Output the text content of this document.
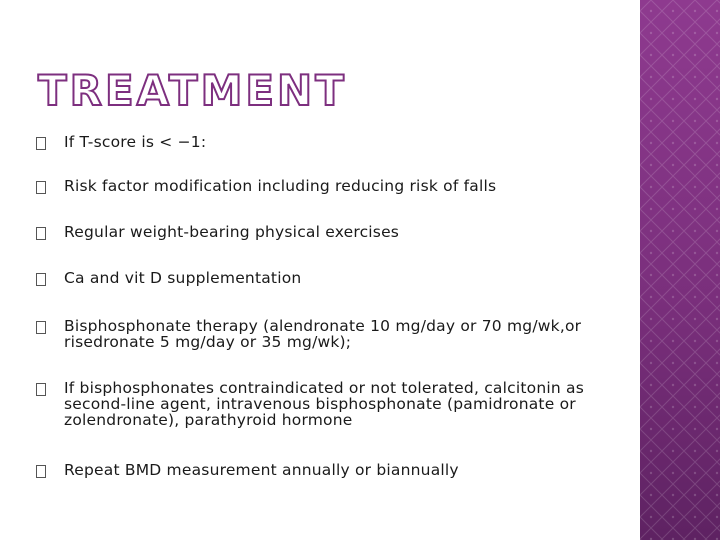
TREATMENT
If T-score is < −1:
Risk factor modification including reducing risk of falls
Regular weight-bearing physical exercises
Ca and vit D supplementation
Bisphosphonate therapy (alendronate 10 mg/day or 70 mg/wk,or risedronate 5 mg/day or 35 mg/wk);
If bisphosphonates contraindicated or not tolerated, calcitonin as second-line agent, intravenous bisphosphonate (pamidronate or zolendronate), parathyroid hormone
Repeat BMD measurement annually or biannually
